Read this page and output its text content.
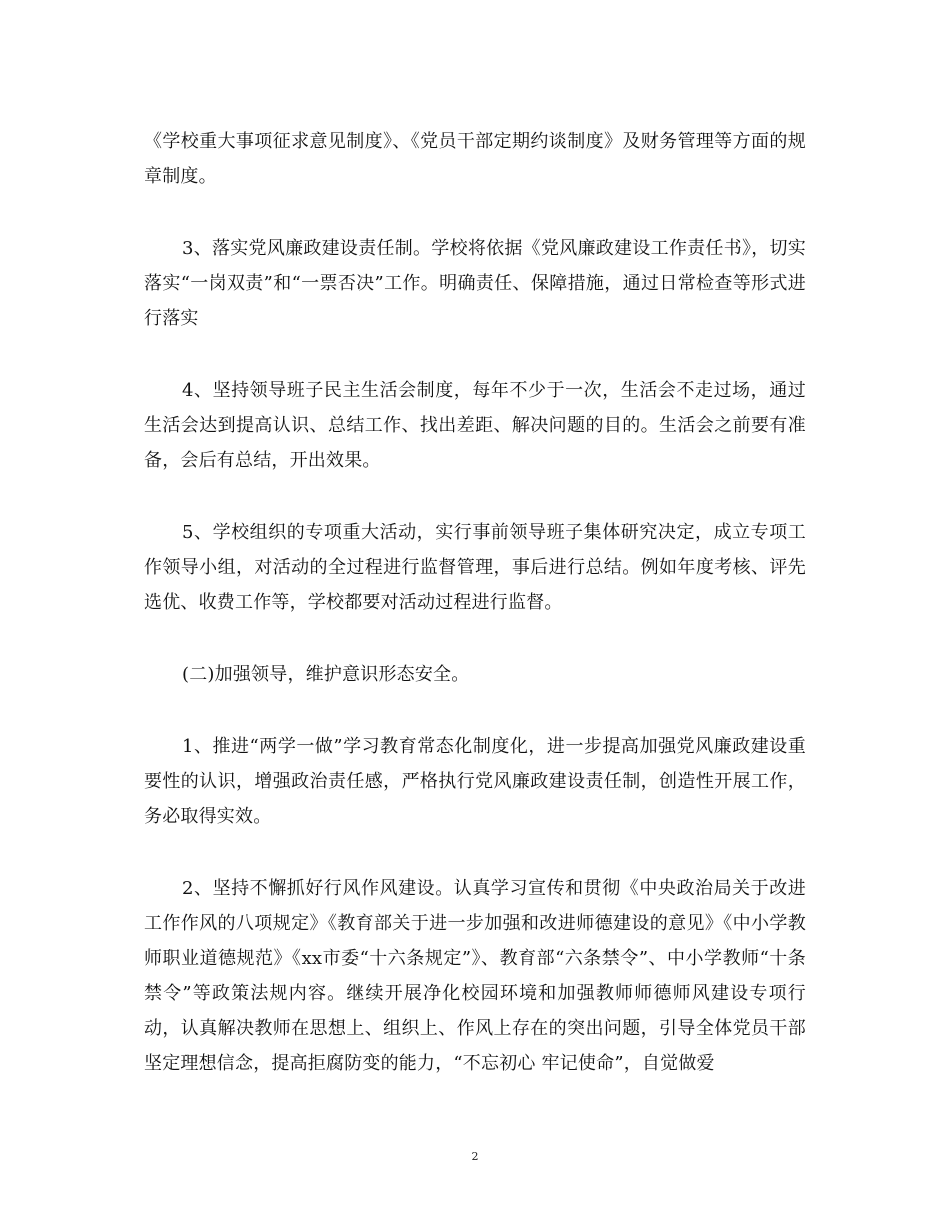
《学校重大事项征求意见制度》、《党员干部定期约谈制度》及财务管理等方面的规章制度。

3、落实党风廉政建设责任制。学校将依据《党风廉政建设工作责任书》，切实落实“一岗双责”和“一票否决”工作。明确责任、保障措施，通过日常检查等形式进行落实

4、坚持领导班子民主生活会制度，每年不少于一次，生活会不走过场，通过生活会达到提高认识、总结工作、找出差距、解决问题的目的。生活会之前要有准备，会后有总结，开出效果。

5、学校组织的专项重大活动，实行事前领导班子集体研究决定，成立专项工作领导小组，对活动的全过程进行监督管理，事后进行总结。例如年度考核、评先选优、收费工作等，学校都要对活动过程进行监督。

(二)加强领导，维护意识形态安全。

1、推进“两学一做”学习教育常态化制度化，进一步提高加强党风廉政建设重要性的认识，增强政治责任感，严格执行党风廉政建设责任制，创造性开展工作，务必取得实效。

2、坚持不懈抓好行风作风建设。认真学习宣传和贯彻《中央政治局关于改进工作作风的八项规定》《教育部关于进一步加强和改进师德建设的意见》《中小学教师职业道德规范》《xx市委“十六条规定”》、教育部“六条禁令”、中小学教师“十条禁令”等政策法规内容。继续开展净化校园环境和加强教师师德师风建设专项行动，认真解决教师在思想上、组织上、作风上存在的突出问题，引导全体党员干部坚定理想信念，提高拒腐防变的能力，“不忘初心 牢记使命”，自觉做爱

2
